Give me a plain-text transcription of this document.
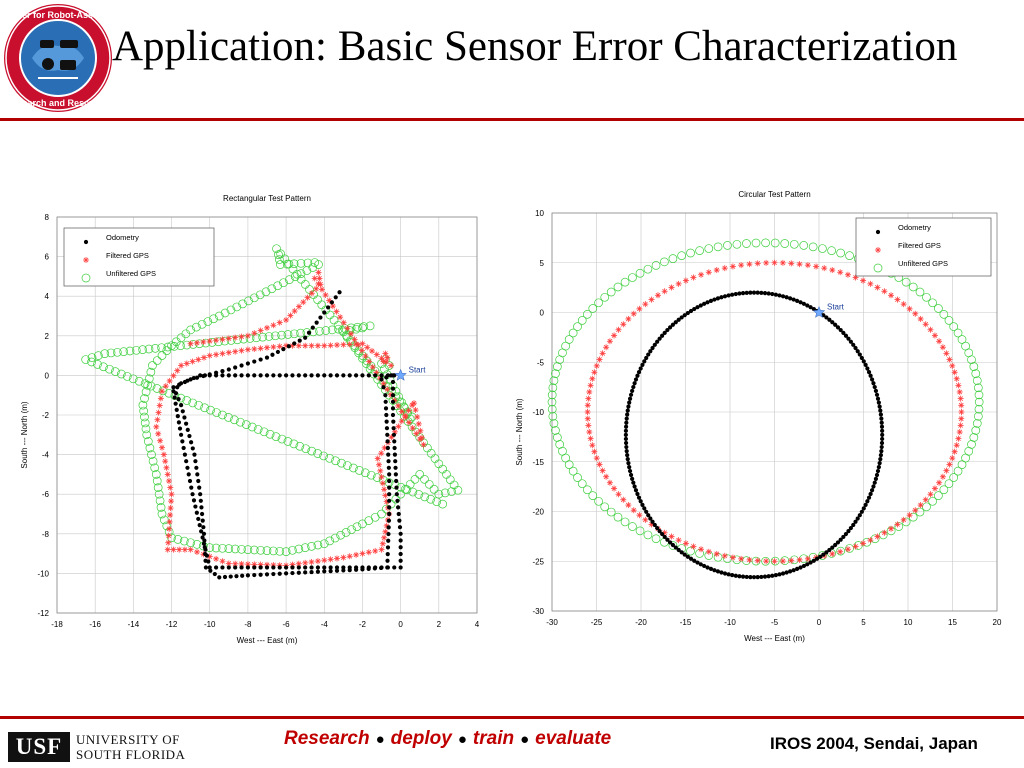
Center for Robot-Assisted
Search and Rescue
Application: Basic Sensor Error Characterization
Rectangular Test Pattern
-18	-16	-14	-12	-10	-8	-6	-4	-2	0	2	4
-12
-10
-8
-6
-4
-2
0
2
4
6
8
West --- East (m)
South --- North (m)
Start
Odometry
Filtered GPS
Unfiltered GPS
Circular Test Pattern
-30	-25	-20	-15	-10	-5	0	5	10	15	20
-30
-25
-20
-15
-10
-5
0
5
10
West --- East (m)
South --- North (m)
Start
Odometry
Filtered GPS
Unfiltered GPS
USF	UNIVERSITY OF
SOUTH FLORIDA
Research ● deploy ● train ● evaluate	IROS 2004, Sendai, Japan
